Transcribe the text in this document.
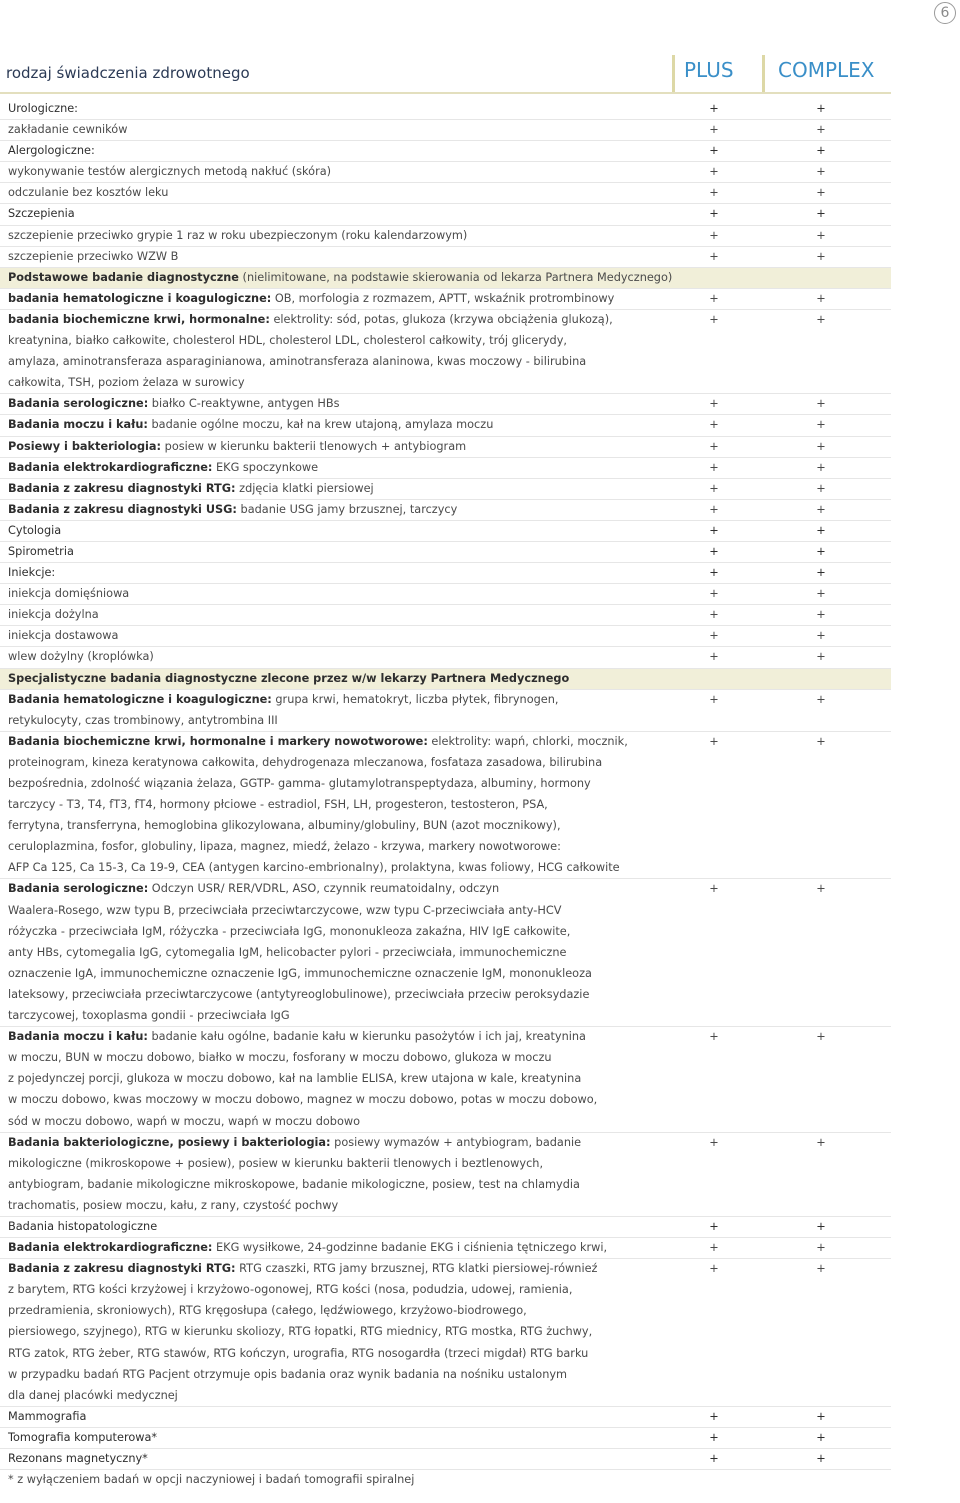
6
rodzaj świadczenia zdrowotnego	PLUS COMPLEX
Urologiczne:	+	+
zakładanie cewników	+	+
Alergologiczne:	+	+
wykonywanie testów alergicznych metodą nakłuć (skóra)	+	+
odczulanie bez kosztów leku	+	+
Szczepienia	+	+
szczepienie przeciwko grypie 1 raz w roku ubezpieczonym (roku kalendarzowym)	+	+
szczepienie przeciwko WZW B	+	+
Podstawowe badanie diagnostyczne (nielimitowane, na podstawie skierowania od lekarza Partnera Medycznego)
badania hematologiczne i koagulogiczne: OB, morfologia z rozmazem, APTT, wskaźnik protrombinowy	+	+
badania biochemiczne krwi, hormonalne: elektrolity: sód, potas, glukoza (krzywa obciążenia glukozą),	+	+
kreatynina, białko całkowite, cholesterol HDL, cholesterol LDL, cholesterol całkowity, trój glicerydy,
amylaza, aminotransferaza asparaginianowa, aminotransferaza alaninowa, kwas moczowy - bilirubina
całkowita, TSH, poziom żelaza w surowicy
Badania serologiczne: białko C-reaktywne, antygen HBs	+	+
Badania moczu i kału: badanie ogólne moczu, kał na krew utajoną, amylaza moczu	+	+
Posiewy i bakteriologia: posiew w kierunku bakterii tlenowych + antybiogram	+	+
Badania elektrokardiograficzne: EKG spoczynkowe	+	+
Badania z zakresu diagnostyki RTG: zdjęcia klatki piersiowej	+	+
Badania z zakresu diagnostyki USG: badanie USG jamy brzusznej, tarczycy	+	+
Cytologia	+	+
Spirometria	+	+
Iniekcje:	+	+
iniekcja domięśniowa	+	+
iniekcja dożylna	+	+
iniekcja dostawowa	+	+
wlew dożylny (kroplówka)	+	+
Specjalistyczne badania diagnostyczne zlecone przez w/w lekarzy Partnera Medycznego
Badania hematologiczne i koagulogiczne: grupa krwi, hematokryt, liczba płytek, fibrynogen,	+	+
retykulocyty, czas trombinowy, antytrombina III
Badania biochemiczne krwi, hormonalne i markery nowotworowe: elektrolity: wapń, chlorki, mocznik,	+	+
proteinogram, kineza keratynowa całkowita, dehydrogenaza mleczanowa, fosfataza zasadowa, bilirubina
bezpośrednia, zdolność wiązania żelaza, GGTP- gamma- glutamylotranspeptydaza, albuminy, hormony
tarczycy - T3, T4, fT3, fT4, hormony płciowe - estradiol, FSH, LH, progesteron, testosteron, PSA,
ferrytyna, transferryna, hemoglobina glikozylowana, albuminy/globuliny, BUN (azot mocznikowy),
ceruloplazmina, fosfor, globuliny, lipaza, magnez, miedź, żelazo - krzywa, markery nowotworowe:
AFP Ca 125, Ca 15-3, Ca 19-9, CEA (antygen karcino-embrionalny), prolaktyna, kwas foliowy, HCG całkowite
Badania serologiczne: Odczyn USR/ RER/VDRL, ASO, czynnik reumatoidalny, odczyn	+	+
Waalera-Rosego, wzw typu B, przeciwciała przeciwtarczycowe, wzw typu C-przeciwciała anty-HCV
różyczka - przeciwciała IgM, różyczka - przeciwciała IgG, mononukleoza zakaźna, HIV IgE całkowite,
anty HBs, cytomegalia IgG, cytomegalia IgM, helicobacter pylori - przeciwciała, immunochemiczne
oznaczenie IgA, immunochemiczne oznaczenie IgG, immunochemiczne oznaczenie IgM, mononukleoza
lateksowy, przeciwciała przeciwtarczycowe (antytyreoglobulinowe), przeciwciała przeciw peroksydazie
tarczycowej, toxoplasma gondii - przeciwciała IgG
Badania moczu i kału: badanie kału ogólne, badanie kału w kierunku pasożytów i ich jaj, kreatynina	+	+
w moczu, BUN w moczu dobowo, białko w moczu, fosforany w moczu dobowo, glukoza w moczu
z pojedynczej porcji, glukoza w moczu dobowo, kał na lamblie ELISA, krew utajona w kale, kreatynina
w moczu dobowo, kwas moczowy w moczu dobowo, magnez w moczu dobowo, potas w moczu dobowo,
sód w moczu dobowo, wapń w moczu, wapń w moczu dobowo
Badania bakteriologiczne, posiewy i bakteriologia: posiewy wymazów + antybiogram, badanie	+	+
mikologiczne (mikroskopowe + posiew), posiew w kierunku bakterii tlenowych i beztlenowych,
antybiogram, badanie mikologiczne mikroskopowe, badanie mikologiczne, posiew, test na chlamydia
trachomatis, posiew moczu, kału, z rany, czystość pochwy
Badania histopatologiczne	+	+
Badania elektrokardiograficzne: EKG wysiłkowe, 24-godzinne badanie EKG i ciśnienia tętniczego krwi,	+	+
Badania z zakresu diagnostyki RTG: RTG czaszki, RTG jamy brzusznej, RTG klatki piersiowej-równieź	+	+
z barytem, RTG kości krzyżowej i krzyżowo-ogonowej, RTG kości (nosa, podudzia, udowej, ramienia,
przedramienia, skroniowych), RTG kręgosłupa (całego, lędźwiowego, krzyżowo-biodrowego,
piersiowego, szyjnego), RTG w kierunku skoliozy, RTG łopatki, RTG miednicy, RTG mostka, RTG żuchwy,
RTG zatok, RTG żeber, RTG stawów, RTG kończyn, urografia, RTG nosogardła (trzeci migdał) RTG barku
w przypadku badań RTG Pacjent otrzymuje opis badania oraz wynik badania na nośniku ustalonym
dla danej placówki medycznej
Mammografia	+	+
Tomografia komputerowa*	+	+
Rezonans magnetyczny*	+	+
* z wyłączeniem badań w opcji naczyniowej i badań tomografii spiralnej
